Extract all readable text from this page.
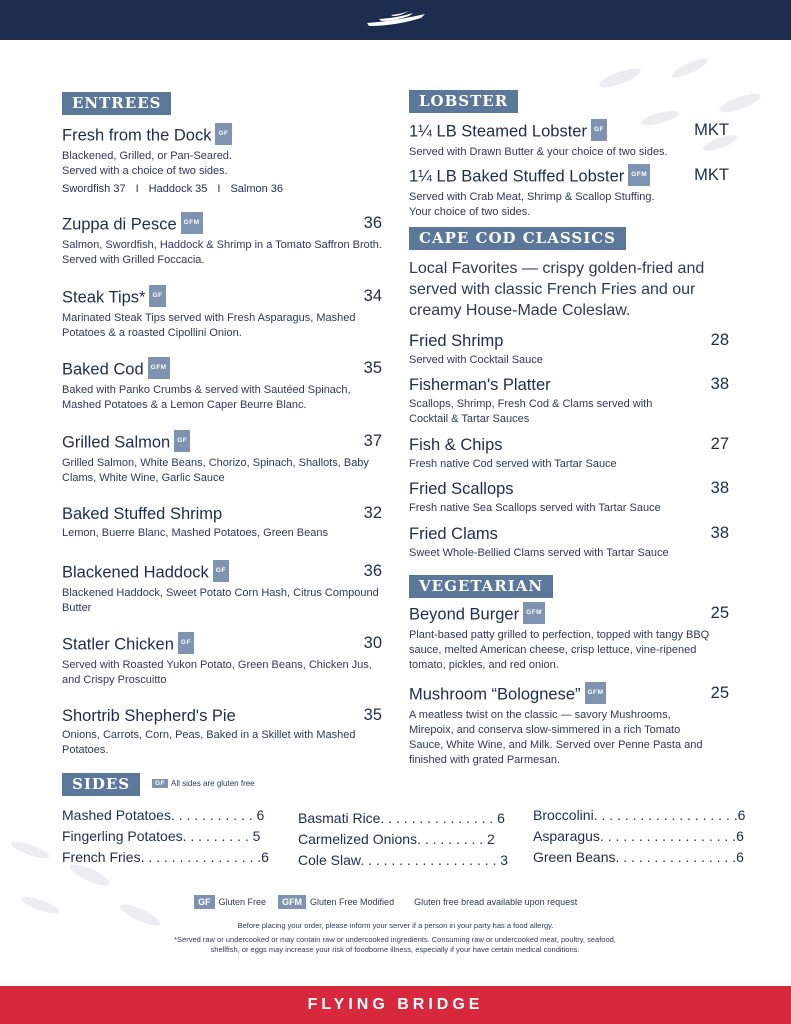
ENTREES
Fresh from the Dock GF
Blackened, Grilled, or Pan-Seared.
Served with a choice of two sides.
Swordfish 37 I Haddock 35 I Salmon 36
Zuppa di Pesce GFM	36
Salmon, Swordfish, Haddock & Shrimp in a Tomato Saffron Broth. Served with Grilled Foccacia.
Steak Tips* GF	34
Marinated Steak Tips served with Fresh Asparagus, Mashed Potatoes & a roasted Cipollini Onion.
Baked Cod GFM	35
Baked with Panko Crumbs & served with Sautéed Spinach, Mashed Potatoes & a Lemon Caper Beurre Blanc.
Grilled Salmon GF	37
Grilled Salmon, White Beans, Chorizo, Spinach, Shallots, Baby Clams, White Wine, Garlic Sauce
Baked Stuffed Shrimp	32
Lemon, Buerre Blanc, Mashed Potatoes, Green Beans
Blackened Haddock GF	36
Blackened Haddock, Sweet Potato Corn Hash, Citrus Compound Butter
Statler Chicken GF	30
Served with Roasted Yukon Potato, Green Beans, Chicken Jus, and Crispy Proscuitto
Shortrib Shepherd's Pie	35
Onions, Carrots, Corn, Peas, Baked in a Skillet with Mashed Potatoes.
LOBSTER
1¼ LB Steamed Lobster GF	MKT
Served with Drawn Butter & your choice of two sides.
1¼ LB Baked Stuffed Lobster GFM	MKT
Served with Crab Meat, Shrimp & Scallop Stuffing. Your choice of two sides.
CAPE COD CLASSICS
Local Favorites — crispy golden-fried and served with classic French Fries and our creamy House-Made Coleslaw.
Fried Shrimp	28
Served with Cocktail Sauce
Fisherman's Platter	38
Scallops, Shrimp, Fresh Cod & Clams served with Cocktail & Tartar Sauces
Fish & Chips	27
Fresh native Cod served with Tartar Sauce
Fried Scallops	38
Fresh native Sea Scallops served with Tartar Sauce
Fried Clams	38
Sweet Whole-Bellied Clams served with Tartar Sauce
VEGETARIAN
Beyond Burger GFM	25
Plant-based patty grilled to perfection, topped with tangy BBQ sauce, melted American cheese, crisp lettuce, vine-ripened tomato, pickles, and red onion.
Mushroom “Bolognese” GFM	25
A meatless twist on the classic — savory Mushrooms, Mirepoix, and conserva slow-simmered in a rich Tomato Sauce, White Wine, and Milk. Served over Penne Pasta and finished with grated Parmesan.
SIDES	GF All sides are gluten free
Mashed Potatoes. . . . . . . . . . . 6
Fingerling Potatoes. . . . . . . . . 5
French Fries. . . . . . . . . . . . . . . .6
Basmati Rice. . . . . . . . . . . . . . . 6
Carmelized Onions. . . . . . . . . 2
Cole Slaw. . . . . . . . . . . . . . . . . . 3
Broccolini. . . . . . . . . . . . . . . . . . .6
Asparagus. . . . . . . . . . . . . . . . . .6
Green Beans. . . . . . . . . . . . . . . .6
GF Gluten Free GFM Gluten Free Modified Gluten free bread available upon request
Before placing your order, please inform your server if a person in your party has a food allergy.
*Served raw or undercooked or may contain raw or undercooked ingredients. Consuming raw or undercooked meat, poultry, seafood, shellfish, or eggs may increase your risk of foodborne illness, especially if your have certain medical conditions.
FLYING BRIDGE
